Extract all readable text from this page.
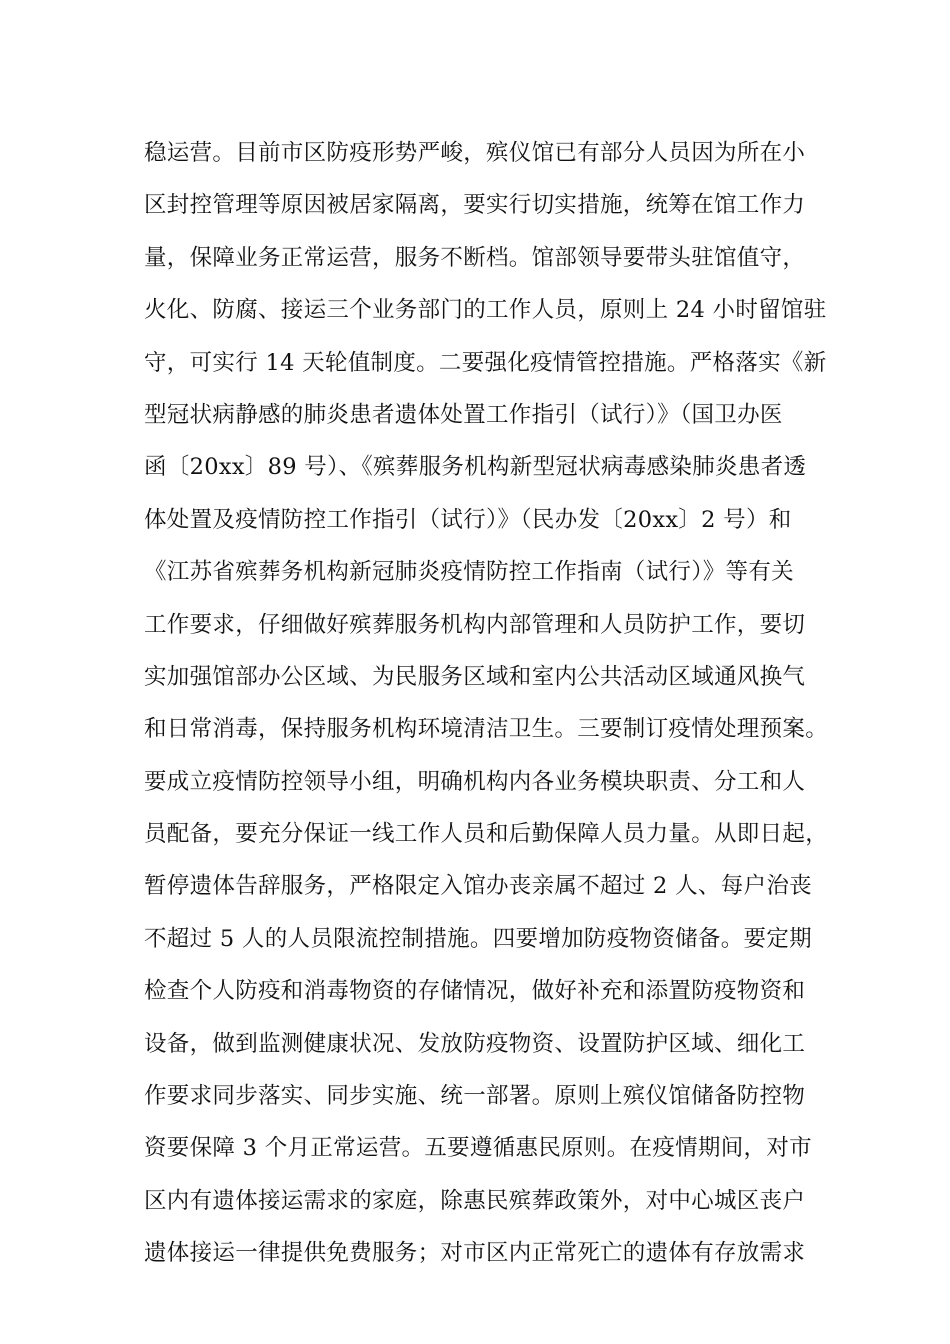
稳运营。目前市区防疫形势严峻，殡仪馆已有部分人员因为所在小
区封控管理等原因被居家隔离，要实行切实措施，统筹在馆工作力
量，保障业务正常运营，服务不断档。馆部领导要带头驻馆值守，
火化、防腐、接运三个业务部门的工作人员，原则上 24 小时留馆驻
守，可实行 14 天轮值制度。二要强化疫情管控措施。严格落实《新
型冠状病静感的肺炎患者遗体处置工作指引（试行）》（国卫办医
函〔20xx〕89 号）、《殡葬服务机构新型冠状病毒感染肺炎患者透
体处置及疫情防控工作指引（试行）》（民办发〔20xx〕2 号）和
《江苏省殡葬务机构新冠肺炎疫情防控工作指南（试行）》等有关
工作要求，仔细做好殡葬服务机构内部管理和人员防护工作，要切
实加强馆部办公区域、为民服务区域和室内公共活动区域通风换气
和日常消毒，保持服务机构环境清洁卫生。三要制订疫情处理预案。
要成立疫情防控领导小组，明确机构内各业务模块职责、分工和人
员配备，要充分保证一线工作人员和后勤保障人员力量。从即日起，
暂停遗体告辞服务，严格限定入馆办丧亲属不超过 2 人、每户治丧
不超过 5 人的人员限流控制措施。四要增加防疫物资储备。要定期
检查个人防疫和消毒物资的存储情况，做好补充和添置防疫物资和
设备，做到监测健康状况、发放防疫物资、设置防护区域、细化工
作要求同步落实、同步实施、统一部署。原则上殡仪馆储备防控物
资要保障 3 个月正常运营。五要遵循惠民原则。在疫情期间，对市
区内有遗体接运需求的家庭，除惠民殡葬政策外，对中心城区丧户
遗体接运一律提供免费服务；对市区内正常死亡的遗体有存放需求
